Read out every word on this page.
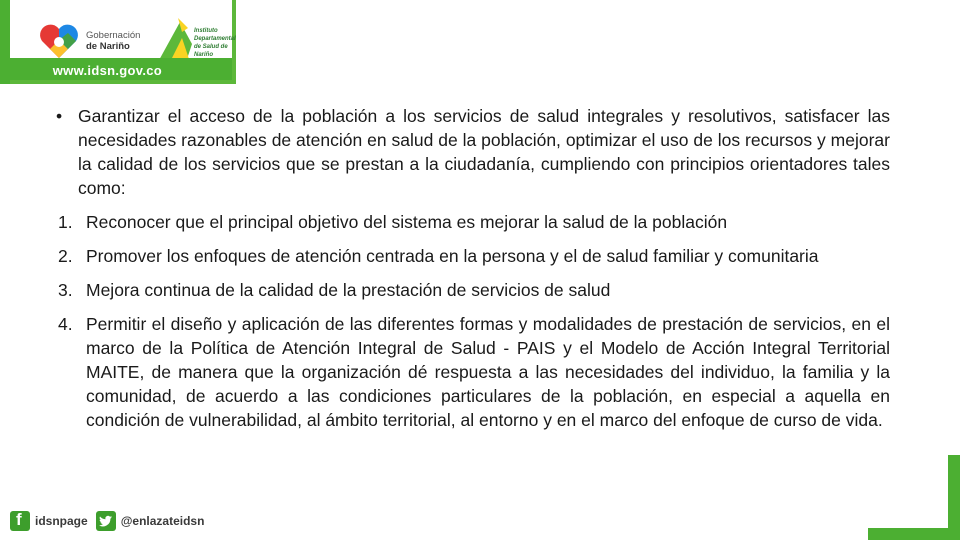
Gobernación
de Nariño
Instituto
Departamental
de Salud de
Nariño
www.idsn.gov.co
• Garantizar el acceso de la población a los servicios de salud integrales y resolutivos, satisfacer las necesidades razonables de atención en salud de la población, optimizar el uso de los recursos y mejorar la calidad de los servicios que se prestan a la ciudadanía, cumpliendo con principios orientadores tales como:
1. Reconocer que el principal objetivo del sistema es mejorar la salud de la población
2. Promover los enfoques de atención centrada en la persona y el de salud familiar y comunitaria
3. Mejora continua de la calidad de la prestación de servicios de salud
4. Permitir el diseño y aplicación de las diferentes formas y modalidades de prestación de servicios, en el marco de la Política de Atención Integral de Salud - PAIS y el Modelo de Acción Integral Territorial MAITE, de manera que la organización dé respuesta a las necesidades del individuo, la familia y la comunidad, de acuerdo a las condiciones particulares de la población, en especial a aquella en condición de vulnerabilidad, al ámbito territorial, al entorno y en el marco del enfoque de curso de vida.
f
idsnpage	@enlazateidsn
